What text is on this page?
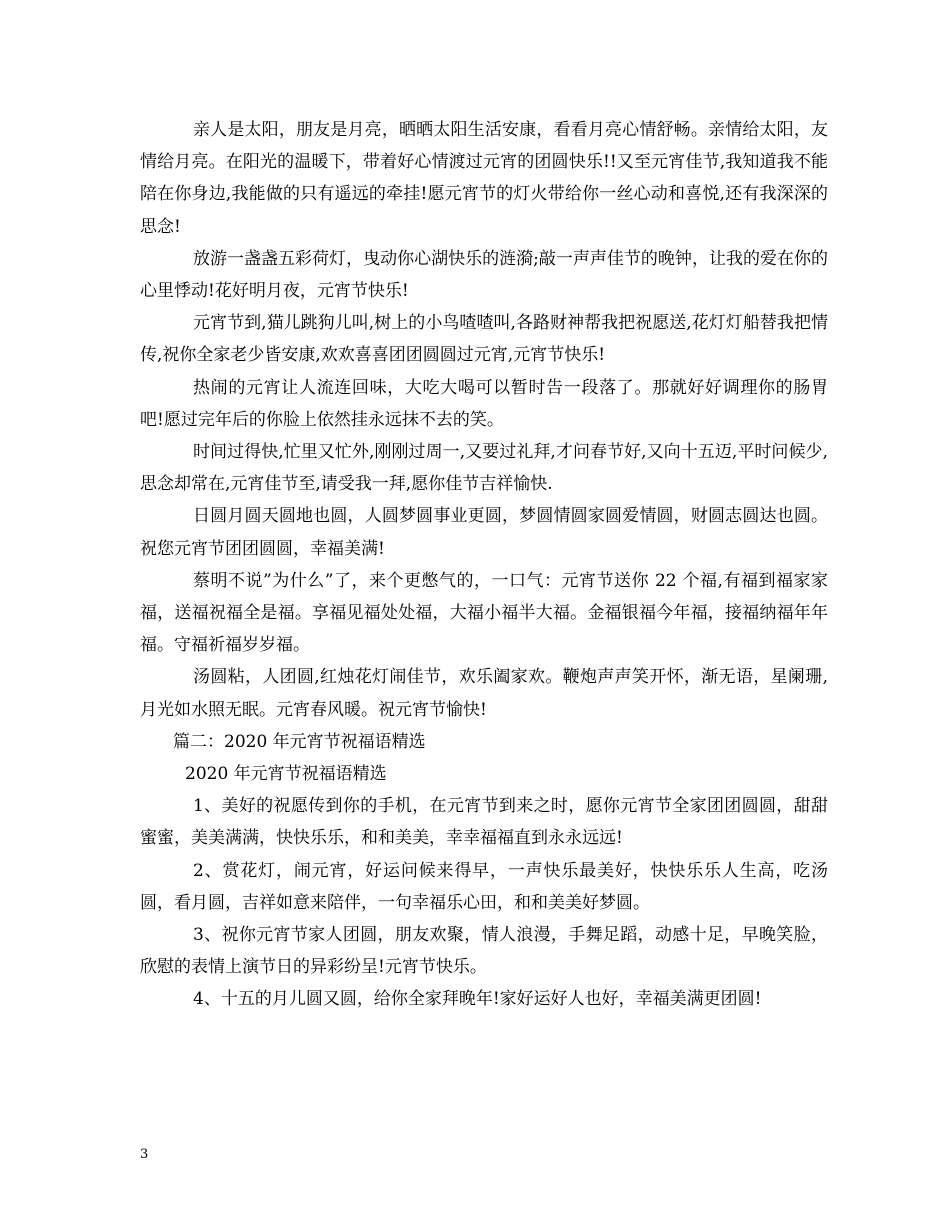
亲人是太阳，朋友是月亮，晒晒太阳生活安康，看看月亮心情舒畅。亲情给太阳，友情给月亮。在阳光的温暖下，带着好心情渡过元宵的团圆快乐!!又至元宵佳节,我知道我不能陪在你身边,我能做的只有遥远的牵挂!愿元宵节的灯火带给你一丝心动和喜悦,还有我深深的思念!

放游一盏盏五彩荷灯，曳动你心湖快乐的涟漪;敲一声声佳节的晚钟，让我的爱在你的心里悸动!花好明月夜，元宵节快乐!

元宵节到,猫儿跳狗儿叫,树上的小鸟喳喳叫,各路财神帮我把祝愿送,花灯灯船替我把情传,祝你全家老少皆安康,欢欢喜喜团团圆圆过元宵,元宵节快乐!

热闹的元宵让人流连回味，大吃大喝可以暂时告一段落了。那就好好调理你的肠胃吧!愿过完年后的你脸上依然挂永远抹不去的笑。

时间过得快,忙里又忙外,刚刚过周一,又要过礼拜,才问春节好,又向十五迈,平时问候少,思念却常在,元宵佳节至,请受我一拜,愿你佳节吉祥愉快.

日圆月圆天圆地也圆，人圆梦圆事业更圆，梦圆情圆家圆爱情圆，财圆志圆达也圆。祝您元宵节团团圆圆，幸福美满!

蔡明不说”为什么”了，来个更憋气的，一口气：元宵节送你 22 个福,有福到福家家福，送福祝福全是福。享福见福处处福，大福小福半大福。金福银福今年福，接福纳福年年福。守福祈福岁岁福。

汤圆粘，人团圆,红烛花灯闹佳节，欢乐阖家欢。鞭炮声声笑开怀，渐无语，星阑珊,月光如水照无眠。元宵春风暖。祝元宵节愉快!

篇二：2020 年元宵节祝福语精选

2020 年元宵节祝福语精选

1、美好的祝愿传到你的手机，在元宵节到来之时，愿你元宵节全家团团圆圆，甜甜蜜蜜，美美满满，快快乐乐，和和美美，幸幸福福直到永永远远!

2、赏花灯，闹元宵，好运问候来得早，一声快乐最美好，快快乐乐人生高，吃汤圆，看月圆，吉祥如意来陪伴，一句幸福乐心田，和和美美好梦圆。

3、祝你元宵节家人团圆，朋友欢聚，情人浪漫，手舞足蹈，动感十足，早晚笑脸，欣慰的表情上演节日的异彩纷呈!元宵节快乐。

4、十五的月儿圆又圆，给你全家拜晚年!家好运好人也好，幸福美满更团圆!

3
